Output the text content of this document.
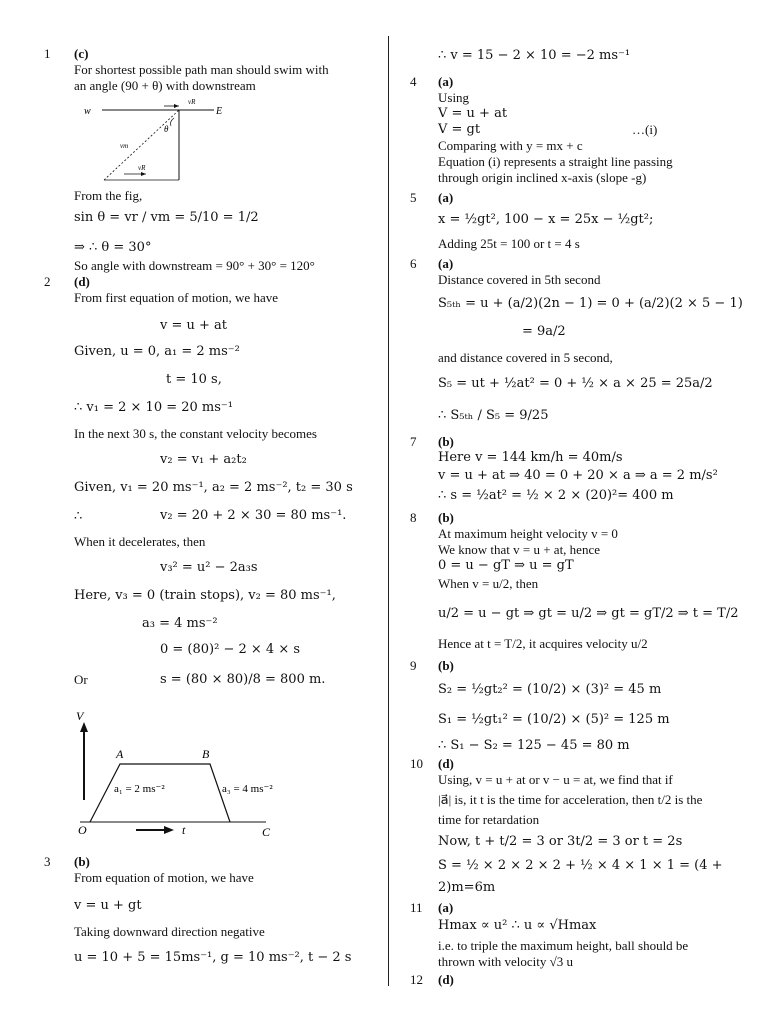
1 (c)
For shortest possible path man should swim with
an angle (90 + θ) with downstream
w	E
vR
θ
vm
vR
From the fig,
sin θ = vr / vm = 5/10 = 1/2
⇒ ∴ θ = 30°
So angle with downstream = 90° + 30° = 120°
2 (d)
From first equation of motion, we have
v = u + at
Given, u = 0, a₁ = 2 ms⁻²
t = 10 s,
∴ v₁ = 2 × 10 = 20 ms⁻¹
In the next 30 s, the constant velocity becomes
v₂ = v₁ + a₂t₂
Given, v₁ = 20 ms⁻¹, a₂ = 2 ms⁻², t₂ = 30 s
∴	v₂ = 20 + 2 × 30 = 80 ms⁻¹.
When it decelerates, then
v₃² = u² − 2a₃s
Here, v₃ = 0 (train stops), v₂ = 80 ms⁻¹,
a₃ = 4 ms⁻²
0 = (80)² − 2 × 4 × s
Or	s = (80 × 80)/8 = 800 m.
V
A	B
O	t	C
a₁ = 2 ms⁻²	a₃ = 4 ms⁻²
3 (b)
From equation of motion, we have
v = u + gt
Taking downward direction negative
u = 10 + 5 = 15ms⁻¹, g = 10 ms⁻², t − 2 s
∴ v = 15 − 2 × 10 = −2 ms⁻¹
4 (a)
Using
V = u + at
V = gt	…(i)
Comparing with y = mx + c
Equation (i) represents a straight line passing
through origin inclined x-axis (slope -g)
5 (a)
x = ½gt², 100 − x = 25x − ½gt²;
Adding 25t = 100 or t = 4 s
6 (a)
Distance covered in 5th second
S₅ₜₕ = u + (a/2)(2n − 1) = 0 + (a/2)(2 × 5 − 1)
= 9a/2
and distance covered in 5 second,
S₅ = ut + ½at² = 0 + ½ × a × 25 = 25a/2
∴ S₅ₜₕ / S₅ = 9/25
7 (b)
Here v = 144 km/h = 40m/s
v = u + at ⇒ 40 = 0 + 20 × a ⇒ a = 2 m/s²
∴ s = ½at² = ½ × 2 × (20)²= 400 m
8 (b)
At maximum height velocity v = 0
We know that v = u + at, hence
0 = u − gT ⇒ u = gT
When v = u/2, then
u/2 = u − gt ⇒ gt = u/2 ⇒ gt = gT/2 ⇒ t = T/2
Hence at t = T/2, it acquires velocity u/2
9 (b)
S₂ = ½gt₂² = (10/2) × (3)² = 45 m
S₁ = ½gt₁² = (10/2) × (5)² = 125 m
∴ S₁ − S₂ = 125 − 45 = 80 m
10 (d)
Using, v = u + at or v − u = at, we find that if
|a⃗| is, it t is the time for acceleration, then t/2 is the
time for retardation
Now, t + t/2 = 3 or 3t/2 = 3 or t = 2s
S = ½ × 2 × 2 × 2 + ½ × 4 × 1 × 1 = (4 +
2)m=6m
11 (a)
Hmax ∝ u² ∴ u ∝ √Hmax
i.e. to triple the maximum height, ball should be
thrown with velocity √3 u
12 (d)
